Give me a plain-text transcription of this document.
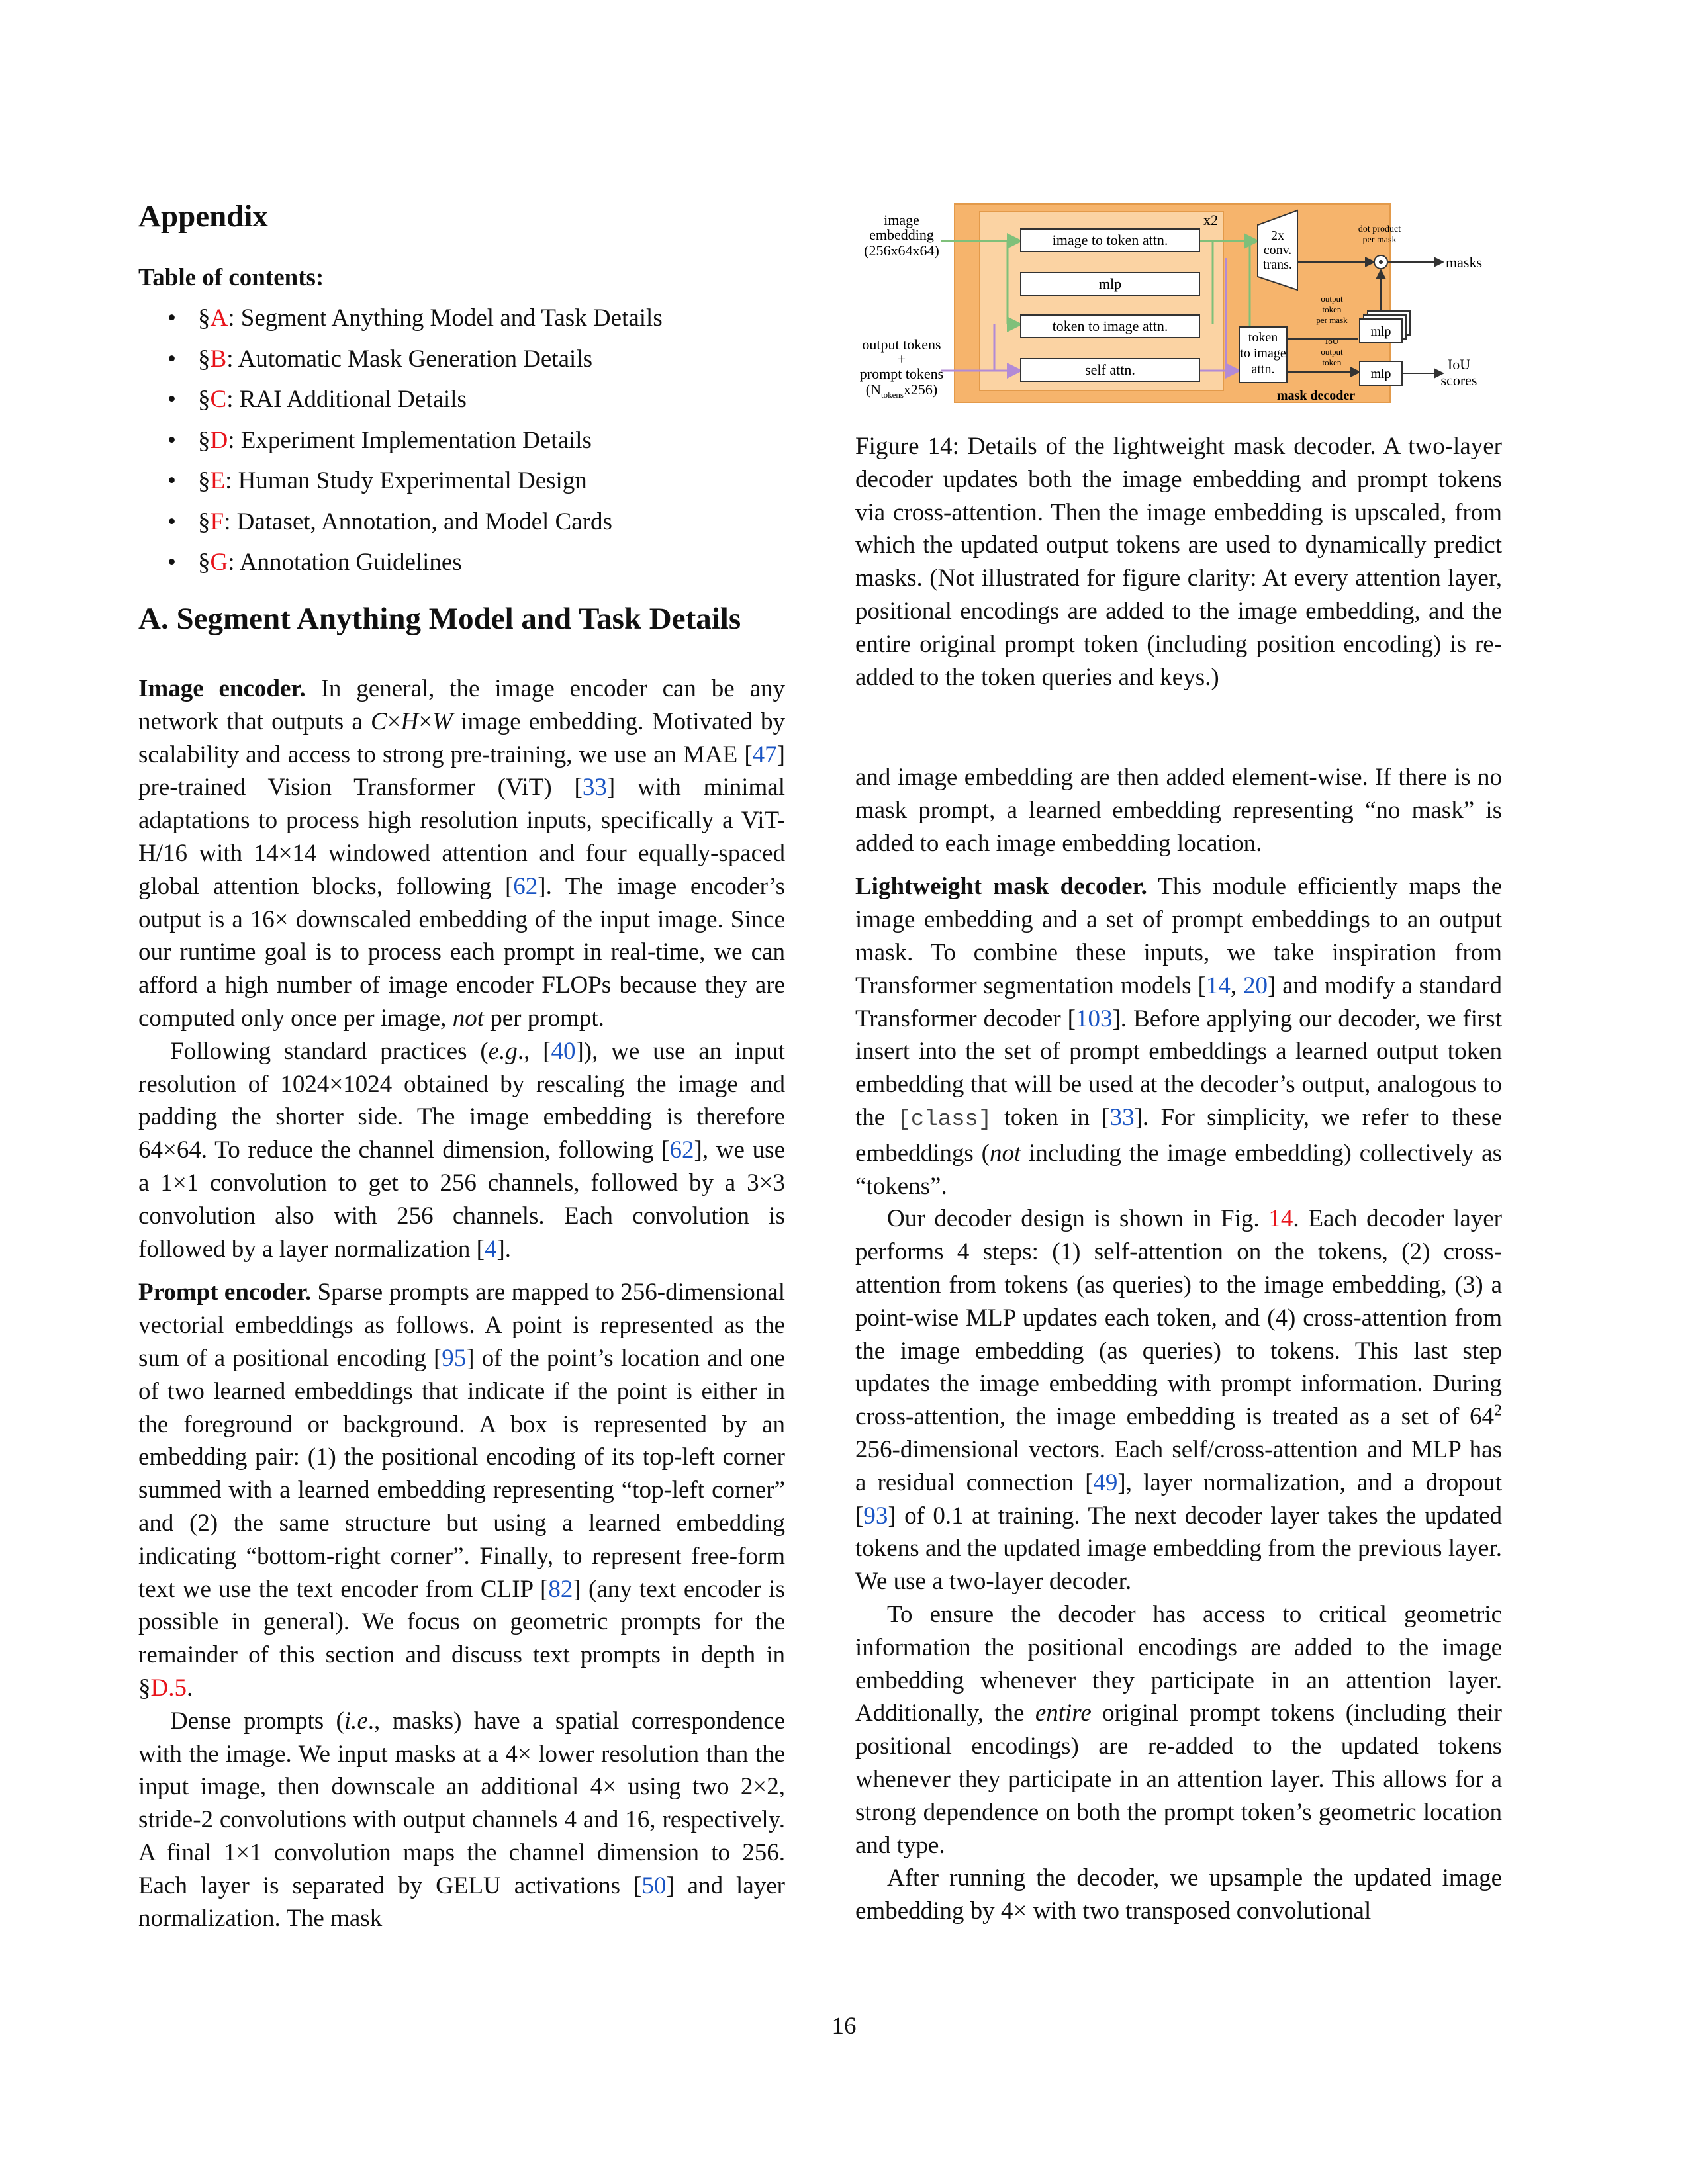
Appendix
Table of contents:
• §A: Segment Anything Model and Task Details
• §B: Automatic Mask Generation Details
• §C: RAI Additional Details
• §D: Experiment Implementation Details
• §E: Human Study Experimental Design
• §F: Dataset, Annotation, and Model Cards
• §G: Annotation Guidelines
A. Segment Anything Model and Task Details

Image encoder. In general, the image encoder can be any network that outputs a C×H×W image embedding. Motivated by scalability and access to strong pre-training, we use an MAE [47] pre-trained Vision Transformer (ViT) [33] with minimal adaptations to process high resolution inputs, specifically a ViT-H/16 with 14×14 windowed attention and four equally-spaced global attention blocks, following [62]. The image encoder’s output is a 16× downscaled embedding of the input image. Since our runtime goal is to process each prompt in real-time, we can afford a high number of image encoder FLOPs because they are computed only once per image, not per prompt.

Following standard practices (e.g., [40]), we use an input resolution of 1024×1024 obtained by rescaling the image and padding the shorter side. The image embedding is therefore 64×64. To reduce the channel dimension, following [62], we use a 1×1 convolution to get to 256 channels, followed by a 3×3 convolution also with 256 channels. Each convolution is followed by a layer normalization [4].

Prompt encoder. Sparse prompts are mapped to 256-dimensional vectorial embeddings as follows. A point is represented as the sum of a positional encoding [95] of the point’s location and one of two learned embeddings that indicate if the point is either in the foreground or background. A box is represented by an embedding pair: (1) the positional encoding of its top-left corner summed with a learned embedding representing “top-left corner” and (2) the same structure but using a learned embedding indicating “bottom-right corner”. Finally, to represent free-form text we use the text encoder from CLIP [82] (any text encoder is possible in general). We focus on geometric prompts for the remainder of this section and discuss text prompts in depth in §D.5.

Dense prompts (i.e., masks) have a spatial correspondence with the image. We input masks at a 4× lower resolution than the input image, then downscale an additional 4× using two 2×2, stride-2 convolutions with output channels 4 and 16, respectively. A final 1×1 convolution maps the channel dimension to 256. Each layer is separated by GELU activations [50] and layer normalization. The mask

x2
image
embedding
(256x64x64)
output tokens
+
prompt tokens
$(N_{tokens}x256)$
image to token attn.
mlp
token to image attn.
self attn.
2x
conv.
trans.
token
to image
attn.
dot product
per mask
masks
output
token
per mask
IoU
output
token
mlp
mlp
IoU
scores
mask decoder

Figure 14: Details of the lightweight mask decoder. A two-layer decoder updates both the image embedding and prompt tokens via cross-attention. Then the image embedding is upscaled, from which the updated output tokens are used to dynamically predict masks. (Not illustrated for figure clarity: At every attention layer, positional encodings are added to the image embedding, and the entire original prompt token (including position encoding) is re-added to the token queries and keys.)

and image embedding are then added element-wise. If there is no mask prompt, a learned embedding representing “no mask” is added to each image embedding location.

Lightweight mask decoder. This module efficiently maps the image embedding and a set of prompt embeddings to an output mask. To combine these inputs, we take inspiration from Transformer segmentation models [14, 20] and modify a standard Transformer decoder [103]. Before applying our decoder, we first insert into the set of prompt embeddings a learned output token embedding that will be used at the decoder’s output, analogous to the [class] token in [33]. For simplicity, we refer to these embeddings (not including the image embedding) collectively as “tokens”.

Our decoder design is shown in Fig. 14. Each decoder layer performs 4 steps: (1) self-attention on the tokens, (2) cross-attention from tokens (as queries) to the image embedding, (3) a point-wise MLP updates each token, and (4) cross-attention from the image embedding (as queries) to tokens. This last step updates the image embedding with prompt information. During cross-attention, the image embedding is treated as a set of $64^2$ 256-dimensional vectors. Each self/cross-attention and MLP has a residual connection [49], layer normalization, and a dropout [93] of 0.1 at training. The next decoder layer takes the updated tokens and the updated image embedding from the previous layer. We use a two-layer decoder.

To ensure the decoder has access to critical geometric information the positional encodings are added to the image embedding whenever they participate in an attention layer. Additionally, the entire original prompt tokens (including their positional encodings) are re-added to the updated tokens whenever they participate in an attention layer. This allows for a strong dependence on both the prompt token’s geometric location and type.

After running the decoder, we upsample the updated image embedding by 4× with two transposed convolutional

16
